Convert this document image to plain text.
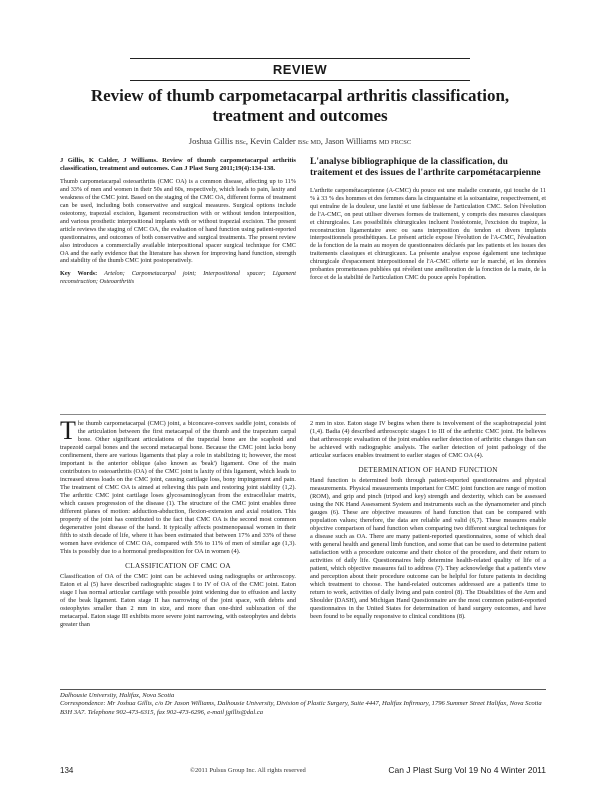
REVIEW
Review of thumb carpometacarpal arthritis classification, treatment and outcomes
Joshua Gillis BSc, Kevin Calder BSc MD, Jason Williams MD FRCSC
J Gillis, K Calder, J Williams. Review of thumb carpometacarpal arthritis classification, treatment and outcomes. Can J Plast Surg 2011;19(4):134-138.
Thumb carpometacarpal osteoarthritis (CMC OA) is a common disease, affecting up to 11% and 33% of men and women in their 50s and 60s, respectively, which leads to pain, laxity and weakness of the CMC joint. Based on the staging of the CMC OA, different forms of treatment can be used, including both conservative and surgical measures. Surgical options include osteotomy, trapezial excision, ligament reconstruction with or without tendon interposition, and various prosthetic interpositional implants with or without trapezial excision. The present article reviews the staging of CMC OA, the evaluation of hand function using patient-reported questionnaires, and outcomes of both conservative and surgical treatments. The present review also introduces a commercially available interpositional spacer surgical technique for CMC OA and the early evidence that the literature has shown for improving hand function, strength and stability of the thumb CMC joint postoperatively.
Key Words: Artelon; Carpometacarpal joint; Interpositional spacer; Ligament reconstruction; Osteoarthritis
L'analyse bibliographique de la classification, du traitement et des issues de l'arthrite carpométacarpienne
L'arthrite carpométacarpienne (A-CMC) du pouce est une maladie courante, qui touche de 11 % à 33 % des hommes et des femmes dans la cinquantaine et la soixantaine, respectivement, et qui entraîne de la douleur, une laxité et une faiblesse de l'articulation CMC. Selon l'évolution de l'A-CMC, on peut utiliser diverses formes de traitement, y compris des mesures classiques et chirurgicales. Les possibilités chirurgicales incluent l'ostéotomie, l'excision du trapèze, la reconstruction ligamentaire avec ou sans interposition du tendon et divers implants interpositionnels prosthétiques. Le présent article expose l'évolution de l'A-CMC, l'évaluation de la fonction de la main au moyen de questionnaires déclarés par les patients et les issues des traitements classiques et chirurgicaux. La présente analyse expose également une technique chirurgicale d'espacement interpositionnel de l'A-CMC offerte sur le marché, et les données probantes prometteuses publiées qui révèlent une amélioration de la fonction de la main, de la force et de la stabilité de l'articulation CMC du pouce après l'opération.

The thumb carpometacarpal (CMC) joint, a biconcave-convex saddle joint, consists of the articulation between the first metacarpal of the thumb and the trapezium carpal bone. Other significant articulations of the trapezial bone are the scaphoid and trapezoid carpal bones and the second metacarpal bone. Because the CMC joint lacks bony confinement, there are various ligaments that play a role in stabilizing it; however, the most important is the anterior oblique (also known as 'beak') ligament. One of the main contributors to osteoarthritis (OA) of the CMC joint is laxity of this ligament, which leads to increased stress loads on the CMC joint, causing cartilage loss, bony impingement and pain. The treatment of CMC OA is aimed at relieving this pain and restoring joint stability (1,2). The arthritic CMC joint cartilage loses glycosaminoglycan from the extracellular matrix, which causes progression of the disease (1). The structure of the CMC joint enables three different planes of motion: adduction-abduction, flexion-extension and axial rotation. This property of the joint has contributed to the fact that CMC OA is the second most common degenerative joint disease of the hand. It typically affects postmenopausal women in their fifth to sixth decade of life, where it has been estimated that between 17% and 33% of these women have evidence of CMC OA, compared with 5% to 11% of men of similar age (1,3). This is possibly due to a hormonal predisposition for OA in women (4).

CLASSIFICATION OF CMC OA

Classification of OA of the CMC joint can be achieved using radiographs or arthroscopy. Eaton et al (5) have described radiographic stages I to IV of OA of the CMC joint. Eaton stage I has normal articular cartilage with possible joint widening due to effusion and laxity of the beak ligament. Eaton stage II has narrowing of the joint space, with debris and osteophytes smaller than 2 mm in size, and more than one-third subluxation of the metacarpal. Eaton stage III exhibits more severe joint narrowing, with osteophytes and debris greater than

2 mm in size. Eaton stage IV begins when there is involvement of the scaphotrapezial joint (1,4). Badia (4) described arthroscopic stages I to III of the arthritic CMC joint. He believes that arthroscopic evaluation of the joint enables earlier detection of arthritic changes than can be achieved with radiographic analysis. The earlier detection of joint pathology of the articular surfaces enables treatment to earlier stages of CMC OA (4).

DETERMINATION OF HAND FUNCTION

Hand function is determined both through patient-reported questionnaires and physical measurements. Physical measurements important for CMC joint function are range of motion (ROM), and grip and pinch (tripod and key) strength and dexterity, which can be assessed using the NK Hand Assessment System and instruments such as the dynamometer and pinch gauges (6). These are objective measures of hand function that can be compared with population values; therefore, the data are reliable and valid (6,7). These measures enable objective comparison of hand function when comparing two different surgical techniques for a disease such as OA. There are many patient-reported questionnaires, some of which deal with general health and general limb function, and some that can be used to determine patient satisfaction with a procedure outcome and their choice of the procedure, and their return to activities of daily life. Questionnaires help determine health-related quality of life of a patient, which objective measures fail to address (7). They acknowledge that a patient's view and perception about their procedure outcome can be helpful for future patients in deciding which treatment to choose. The hand-related outcomes addressed are a patient's time to return to work, activities of daily living and pain control (8). The Disabilities of the Arm and Shoulder (DASH), and Michigan Hand Questionnaire are the most common patient-reported questionnaires in the United States for determination of hand surgery outcomes, and have been found to be equally responsive to clinical conditions (8).

Dalhousie University, Halifax, Nova Scotia
Correspondence: Mr Joshua Gillis, c/o Dr Jason Williams, Dalhousie University, Division of Plastic Surgery, Suite 4447, Halifax Infirmary, 1796 Summer Street Halifax, Nova Scotia B3H 3A7. Telephone 902-473-6315, fax 902-473-6296, e-mail jgillis@dal.ca
134	©2011 Pulsus Group Inc. All rights reserved	Can J Plast Surg Vol 19 No 4 Winter 2011
